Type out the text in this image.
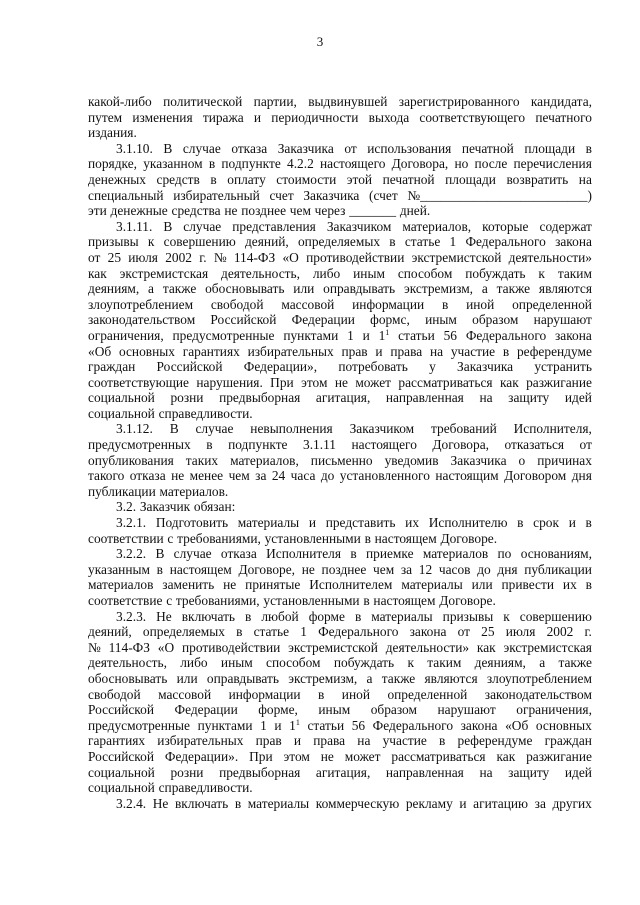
3
какой-либо политической партии, выдвинувшей зарегистрированного кандидата,
путем изменения тиража и периодичности выхода соответствующего печатного
издания.
3.1.10. В случае отказа Заказчика от использования печатной площади в
порядке, указанном в подпункте 4.2.2 настоящего Договора, но после перечисления
денежных средств в оплату стоимости этой печатной площади возвратить на
специальный избирательный счет Заказчика (счет №_________________________)
эти денежные средства не позднее чем через _______ дней.
3.1.11. В случае представления Заказчиком материалов, которые содержат
призывы к совершению деяний, определяемых в статье 1 Федерального закона
от 25 июля 2002 г. № 114-ФЗ «О противодействии экстремистской деятельности»
как экстремистская деятельность, либо иным способом побуждать к таким
деяниям, а также обосновывать или оправдывать экстремизм, а также являются
злоупотреблением свободой массовой информации в иной определенной
законодательством Российской Федерации формс, иным образом нарушают
ограничения, предусмотренные пунктами 1 и $1^1$ статьи 56 Федерального закона
«Об основных гарантиях избирательных прав и права на участие в референдуме
граждан Российской Федерации», потребовать у Заказчика устранить
соответствующие нарушения. При этом не может рассматриваться как разжигание
социальной розни предвыборная агитация, направленная на защиту идей
социальной справедливости.
3.1.12. В случае невыполнения Заказчиком требований Исполнителя,
предусмотренных в подпункте 3.1.11 настоящего Договора, отказаться от
опубликования таких материалов, письменно уведомив Заказчика о причинах
такого отказа не менее чем за 24 часа до установленного настоящим Договором дня
публикации материалов.
3.2. Заказчик обязан:
3.2.1. Подготовить материалы и представить их Исполнителю в срок и в
соответствии с требованиями, установленными в настоящем Договоре.
3.2.2. В случае отказа Исполнителя в приемке материалов по основаниям,
указанным в настоящем Договоре, не позднее чем за 12 часов до дня публикации
материалов заменить не принятые Исполнителем материалы или привести их в
соответствие с требованиями, установленными в настоящем Договоре.
3.2.3. Не включать в любой форме в материалы призывы к совершению
деяний, определяемых в статье 1 Федерального закона от 25 июля 2002 г.
№ 114-ФЗ «О противодействии экстремистской деятельности» как экстремистская
деятельность, либо иным способом побуждать к таким деяниям, а также
обосновывать или оправдывать экстремизм, а также являются злоупотреблением
свободой массовой информации в иной определенной законодательством
Российской Федерации форме, иным образом нарушают ограничения,
предусмотренные пунктами 1 и $1^1$ статьи 56 Федерального закона «Об основных
гарантиях избирательных прав и права на участие в референдуме граждан
Российской Федерации». При этом не может рассматриваться как разжигание
социальной розни предвыборная агитация, направленная на защиту идей
социальной справедливости.
3.2.4. Не включать в материалы коммерческую рекламу и агитацию за других
